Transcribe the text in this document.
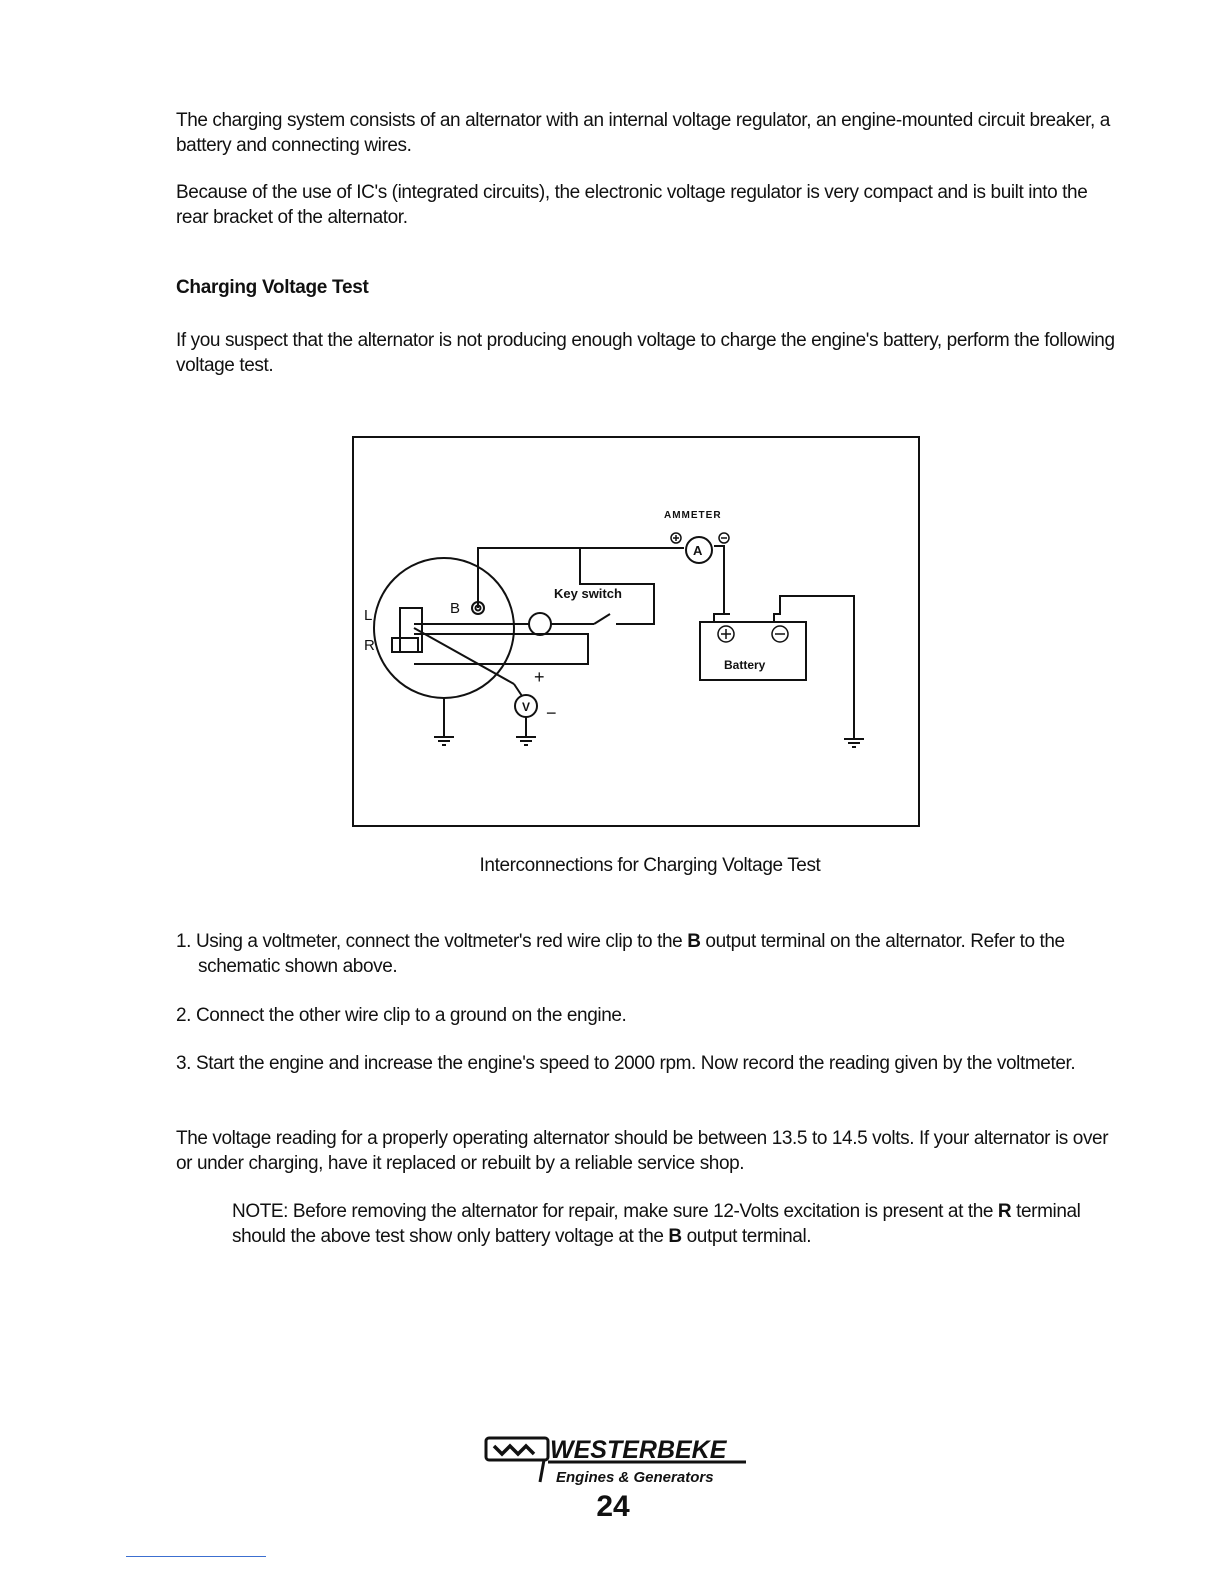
The charging system consists of an alternator with an internal voltage regulator, an engine-mounted circuit breaker, a battery and connecting wires.

Because of the use of IC's (integrated circuits), the electronic voltage regulator is very compact and is built into the rear bracket of the alternator.

Charging Voltage Test

If you suspect that the alternator is not producing enough voltage to charge the engine's battery, perform the following voltage test.

AMMETER
A
Key switch
Battery
B
L
R
V
+
−

Interconnections for Charging Voltage Test

1. Using a voltmeter, connect the voltmeter's red wire clip to the B output terminal on the alternator. Refer to the schematic shown above.
2. Connect the other wire clip to a ground on the engine.
3. Start the engine and increase the engine's speed to 2000 rpm. Now record the reading given by the voltmeter.

The voltage reading for a properly operating alternator should be between 13.5 to 14.5 volts. If your alternator is over or under charging, have it replaced or rebuilt by a reliable service shop.

NOTE: Before removing the alternator for repair, make sure 12-Volts excitation is present at the R terminal should the above test show only battery voltage at the B output terminal.
WESTERBEKE
Engines & Generators

24
